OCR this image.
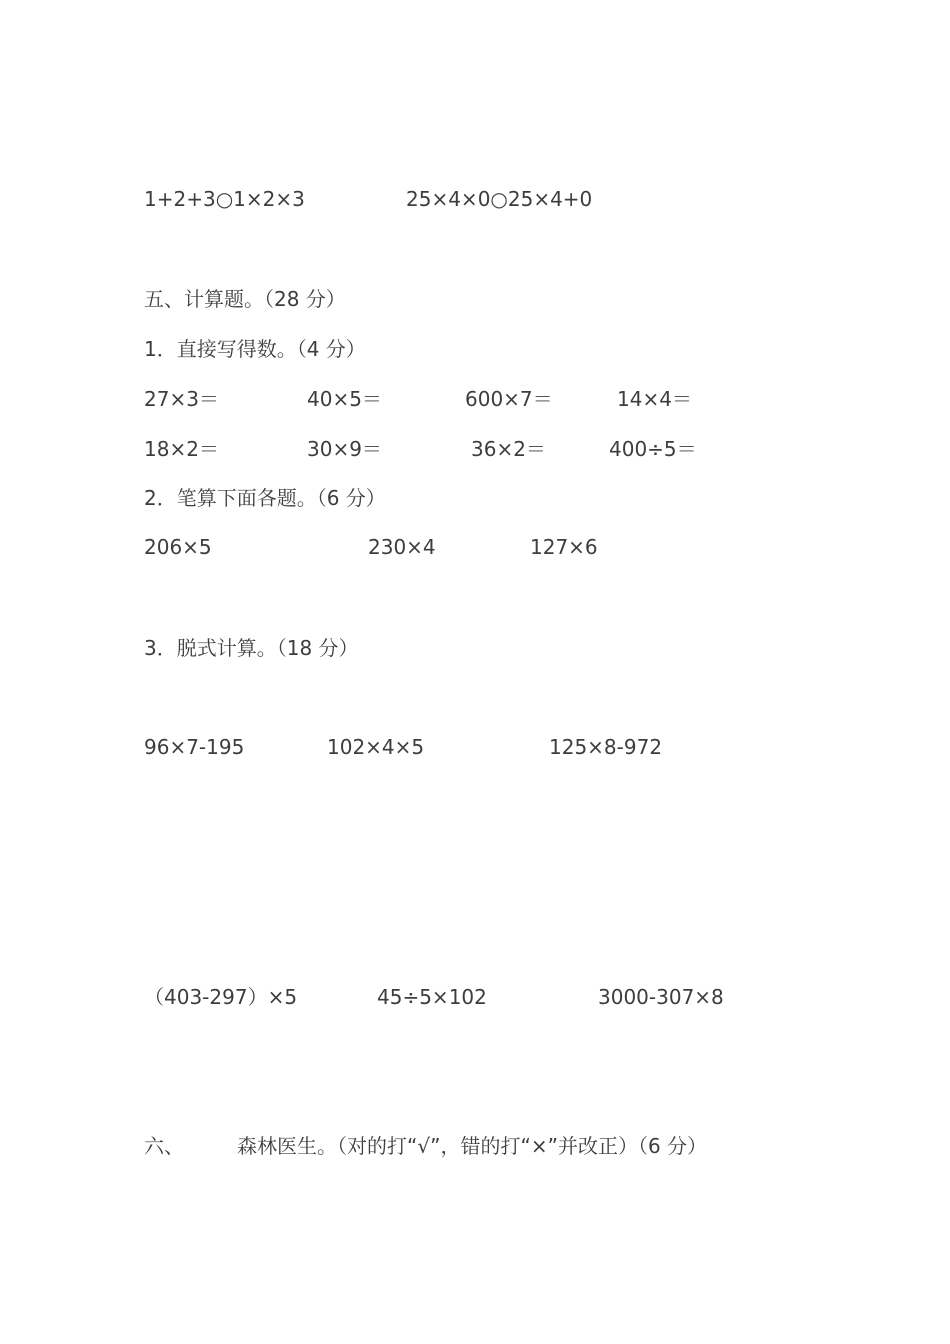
1+2+3○1×2×3	25×4×0○25×4+0
五、计算题。（28 分）
1．直接写得数。（4 分）
27×3＝	40×5＝	600×7＝	14×4＝
18×2＝	30×9＝	36×2＝	400÷5＝
2．笔算下面各题。（6 分）
206×5	230×4	127×6
3．脱式计算。（18 分）
96×7-195	102×4×5	125×8-972
（403-297）×5	45÷5×102	3000-307×8
六、	森林医生。（对的打“√”，错的打“×”并改正）（6 分）
